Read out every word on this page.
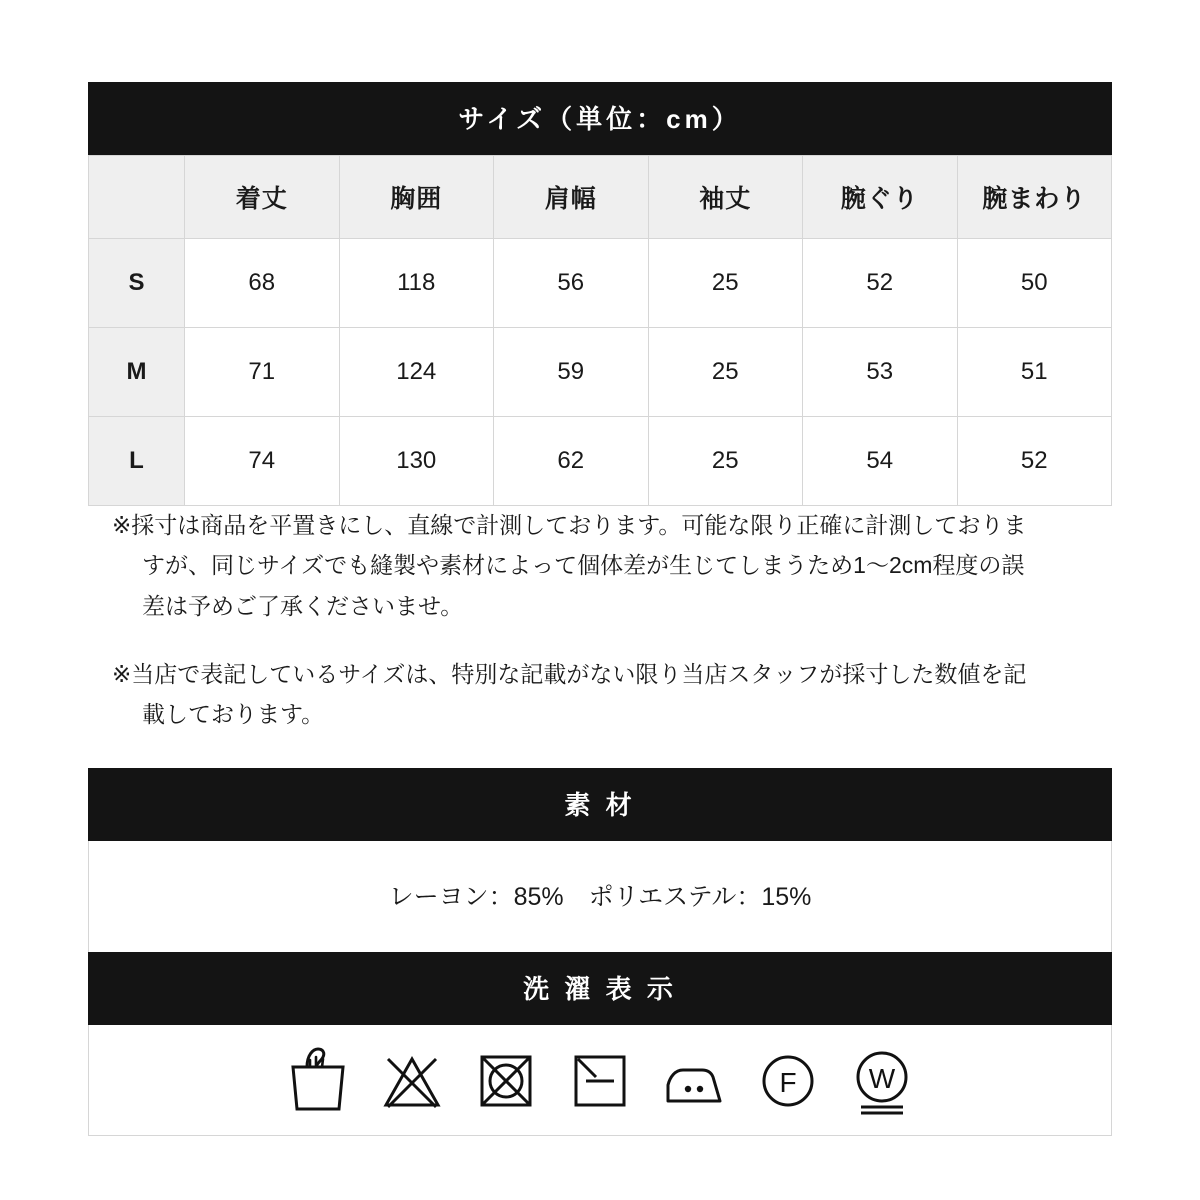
サイズ（単位：cm）
	着丈	胸囲	肩幅	袖丈	腕ぐり	腕まわり
S	68	118	56	25	52	50
M	71	124	59	25	53	51
L	74	130	62	25	54	52

※採寸は商品を平置きにし、直線で計測しております。可能な限り正確に計測しておりますが、同じサイズでも縫製や素材によって個体差が生じてしまうため1〜2cm程度の誤差は予めご了承くださいませ。

※当店で表記しているサイズは、特別な記載がない限り当店スタッフが採寸した数値を記載しております。

素 材
レーヨン：85%　ポリエステル：15%
洗 濯 表 示
F	W
